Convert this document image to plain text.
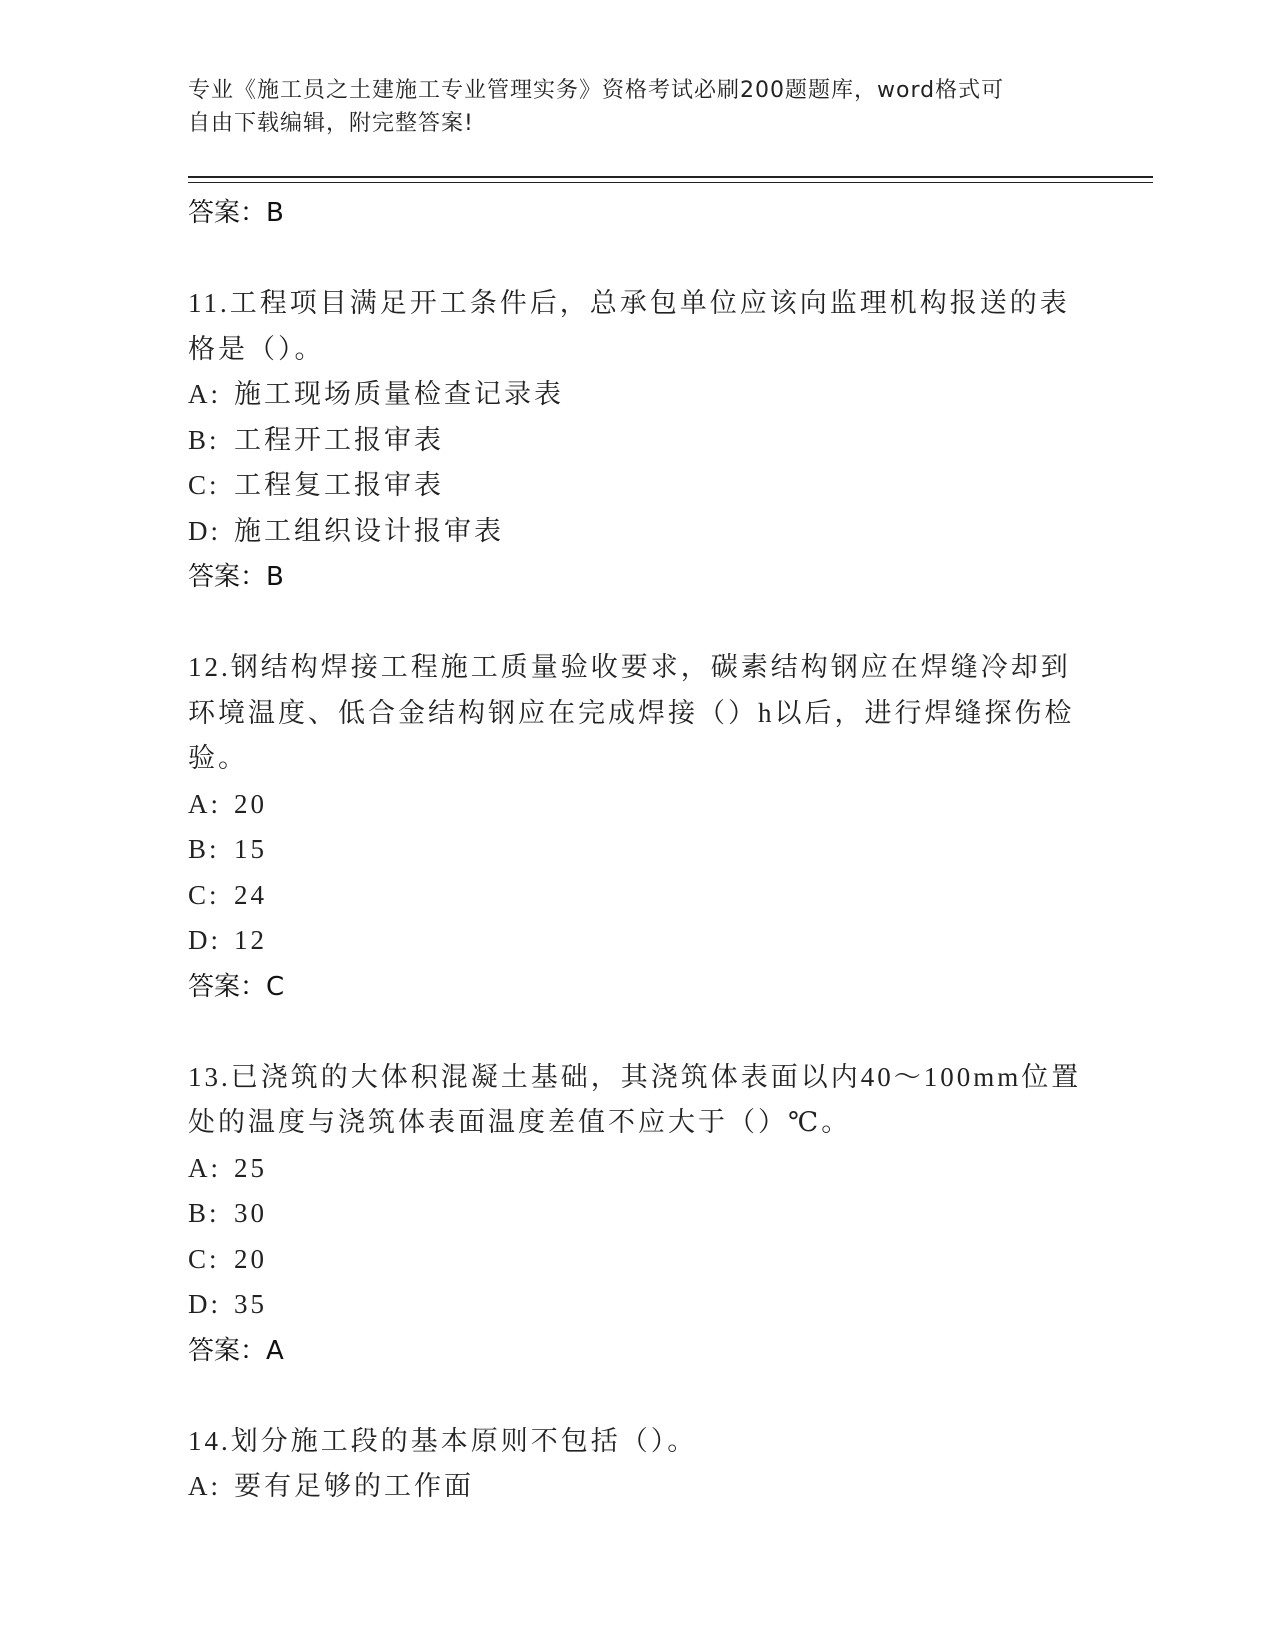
专业《施工员之土建施工专业管理实务》资格考试必刷200题题库，word格式可
自由下载编辑，附完整答案!
答案：B
11.工程项目满足开工条件后，总承包单位应该向监理机构报送的表格是（）。
A: 施工现场质量检查记录表
B: 工程开工报审表
C: 工程复工报审表
D: 施工组织设计报审表
答案：B
12.钢结构焊接工程施工质量验收要求，碳素结构钢应在焊缝冷却到环境温度、低合金结构钢应在完成焊接（）h以后，进行焊缝探伤检验。
A: 20
B: 15
C: 24
D: 12
答案：C
13.已浇筑的大体积混凝土基础，其浇筑体表面以内40～100mm位置处的温度与浇筑体表面温度差值不应大于（）℃。
A: 25
B: 30
C: 20
D: 35
答案：A
14.划分施工段的基本原则不包括（）。
A: 要有足够的工作面
